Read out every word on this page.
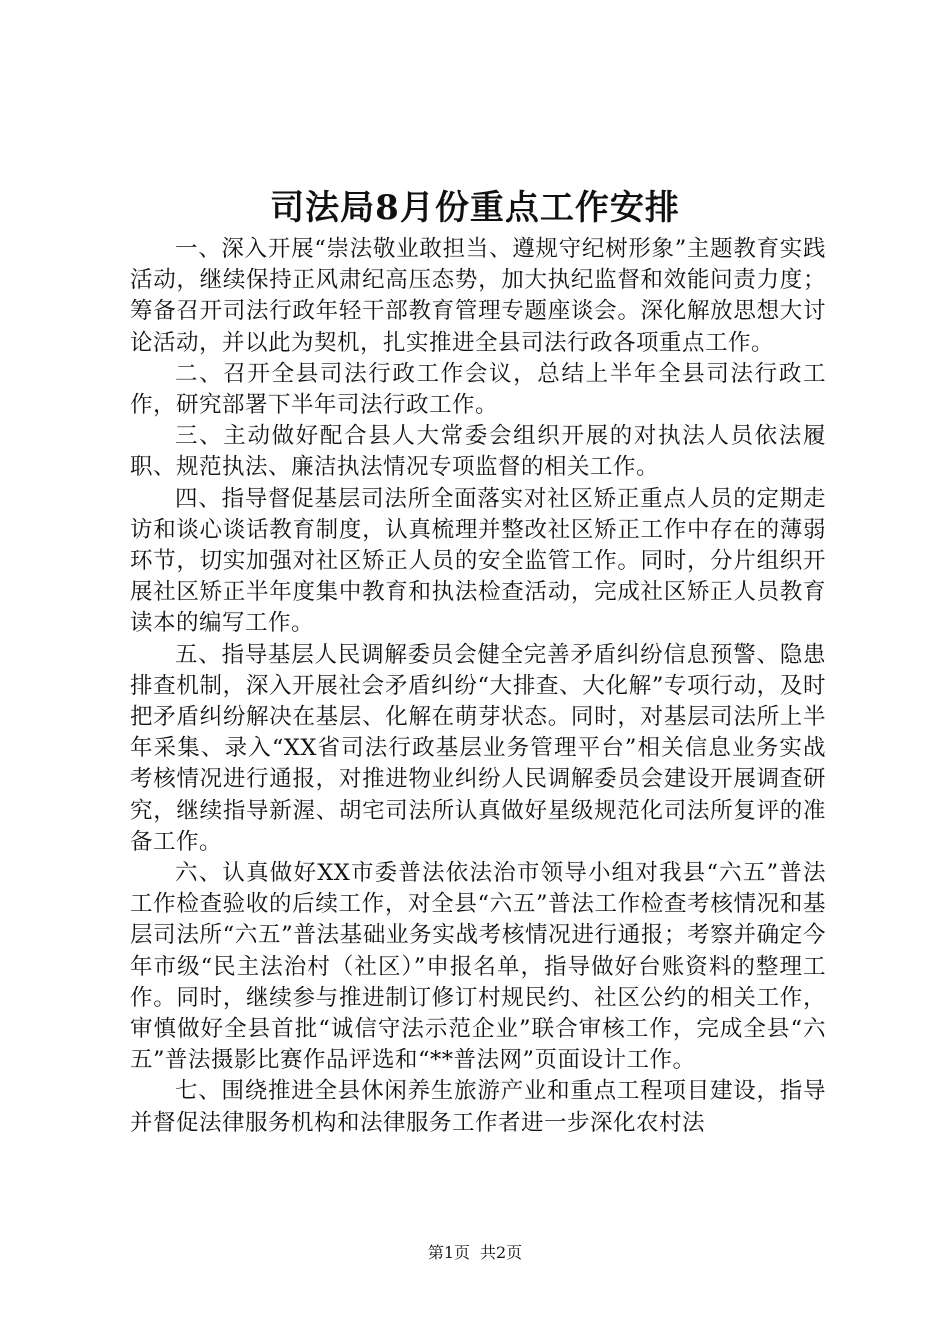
司法局8月份重点工作安排

一、深入开展“崇法敬业敢担当、遵规守纪树形象”主题教育实践活动，继续保持正风肃纪高压态势，加大执纪监督和效能问责力度；筹备召开司法行政年轻干部教育管理专题座谈会。深化解放思想大讨论活动，并以此为契机，扎实推进全县司法行政各项重点工作。

二、召开全县司法行政工作会议，总结上半年全县司法行政工作，研究部署下半年司法行政工作。

三、主动做好配合县人大常委会组织开展的对执法人员依法履职、规范执法、廉洁执法情况专项监督的相关工作。

四、指导督促基层司法所全面落实对社区矫正重点人员的定期走访和谈心谈话教育制度，认真梳理并整改社区矫正工作中存在的薄弱环节，切实加强对社区矫正人员的安全监管工作。同时，分片组织开展社区矫正半年度集中教育和执法检查活动，完成社区矫正人员教育读本的编写工作。

五、指导基层人民调解委员会健全完善矛盾纠纷信息预警、隐患排查机制，深入开展社会矛盾纠纷“大排查、大化解”专项行动，及时把矛盾纠纷解决在基层、化解在萌芽状态。同时，对基层司法所上半年采集、录入“XX省司法行政基层业务管理平台”相关信息业务实战考核情况进行通报，对推进物业纠纷人民调解委员会建设开展调查研究，继续指导新渥、胡宅司法所认真做好星级规范化司法所复评的准备工作。

六、认真做好XX市委普法依法治市领导小组对我县“六五”普法工作检查验收的后续工作，对全县“六五”普法工作检查考核情况和基层司法所“六五”普法基础业务实战考核情况进行通报；考察并确定今年市级“民主法治村（社区）”申报名单，指导做好台账资料的整理工作。同时，继续参与推进制订修订村规民约、社区公约的相关工作，审慎做好全县首批“诚信守法示范企业”联合审核工作，完成全县“六五”普法摄影比赛作品评选和“**普法网”页面设计工作。

七、围绕推进全县休闲养生旅游产业和重点工程项目建设，指导并督促法律服务机构和法律服务工作者进一步深化农村法

第1页 共2页
